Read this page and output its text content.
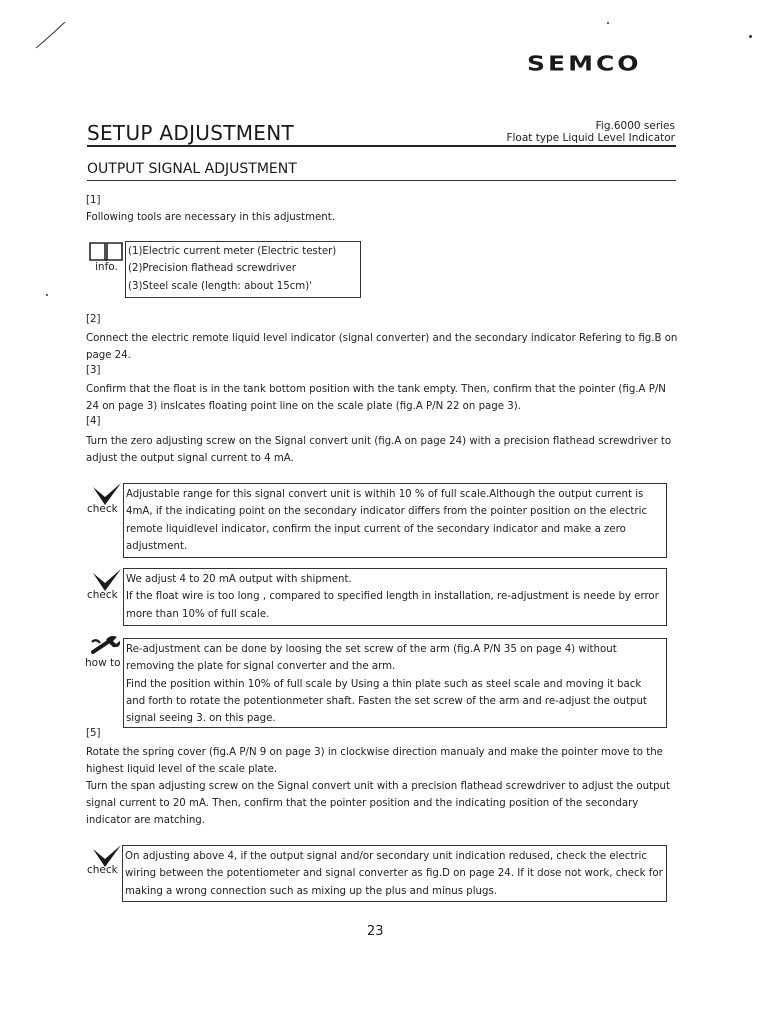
SEMCO
SETUP ADJUSTMENT	Fig.6000 series
Float type Liquid Level Indicator
OUTPUT SIGNAL ADJUSTMENT
[1]
Following tools are necessary in this adjustment.
info.
(1)Electric current meter (Electric tester)
(2)Precision flathead screwdriver
(3)Steel scale (length: about 15cm)'
[2]
Connect the electric remote liquid level indicator (signal converter) and the secondary indicator Refering to fig.B on
page 24.
[3]
Confirm that the float is in the tank bottom position with the tank empty. Then, confirm that the pointer (fig.A P/N
24 on page 3) inslcates floating point line on the scale plate (fig.A P/N 22 on page 3).
[4]
Turn the zero adjusting screw on the Signal convert unit (fig.A on page 24) with a precision flathead screwdriver to
adjust the output signal current to 4 mA.
check
Adjustable range for this signal convert unit is withih 10 % of full scale.Although the output current is
4mA, if the indicating point on the secondary indicator differs from the pointer position on the electric
remote liquidlevel indicator, confirm the input current of the secondary indicator and make a zero
adjustment.
check
We adjust 4 to 20 mA output with shipment.
If the float wire is too long , compared to specified length in installation, re-adjustment is neede by error
more than 10% of full scale.
how to
Re-adjustment can be done by loosing the set screw of the arm (fig.A P/N 35 on page 4) without
removing the plate for signal converter and the arm.
Find the position within 10% of full scale by Using a thin plate such as steel scale and moving it back
and forth to rotate the potentionmeter shaft. Fasten the set screw of the arm and re-adjust the output
signal seeing 3. on this page.
[5]
Rotate the spring cover (fig.A P/N 9 on page 3) in clockwise direction manualy and make the pointer move to the
highest liquid level of the scale plate.
Turn the span adjusting screw on the Signal convert unit with a precision flathead screwdriver to adjust the output
signal current to 20 mA. Then, confirm that the pointer position and the indicating position of the secondary
indicator are matching.
check
On adjusting above 4, if the output signal and/or secondary unit indication redused, check the electric
wiring between the potentiometer and signal converter as fig.D on page 24. If it dose not work, check for
making a wrong connection such as mixing up the plus and minus plugs.
23
